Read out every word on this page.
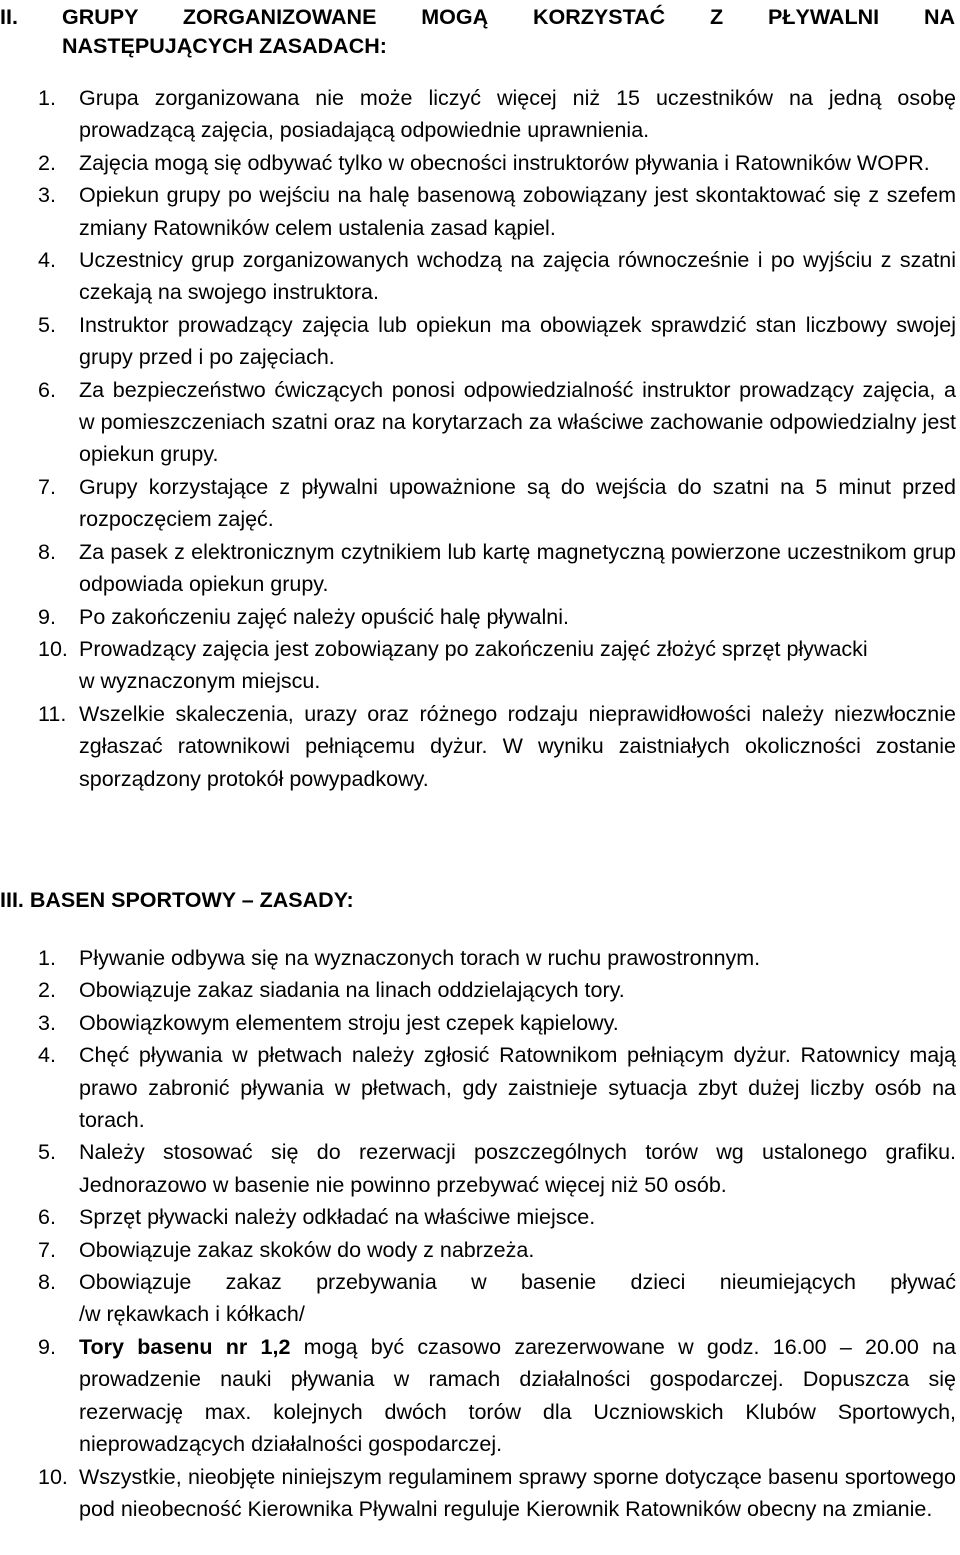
II. GRUPY ZORGANIZOWANE MOGĄ KORZYSTAĆ Z PŁYWALNI NA
NASTĘPUJĄCYCH ZASADACH:
1. Grupa zorganizowana nie może liczyć więcej niż 15 uczestników na jedną osobę prowadzącą zajęcia, posiadającą odpowiednie uprawnienia.
2. Zajęcia mogą się odbywać tylko w obecności instruktorów pływania i Ratowników WOPR.
3. Opiekun grupy po wejściu na halę basenową zobowiązany jest skontaktować się z szefem zmiany Ratowników celem ustalenia zasad kąpiel.
4. Uczestnicy grup zorganizowanych wchodzą na zajęcia równocześnie i po wyjściu z szatni czekają na swojego instruktora.
5. Instruktor prowadzący zajęcia lub opiekun ma obowiązek sprawdzić stan liczbowy swojej grupy przed i po zajęciach.
6. Za bezpieczeństwo ćwiczących ponosi odpowiedzialność instruktor prowadzący zajęcia, a w pomieszczeniach szatni oraz na korytarzach za właściwe zachowanie odpowiedzialny jest opiekun grupy.
7. Grupy korzystające z pływalni upoważnione są do wejścia do szatni na 5 minut przed rozpoczęciem zajęć.
8. Za pasek z elektronicznym czytnikiem lub kartę magnetyczną powierzone uczestnikom grup odpowiada opiekun grupy.
9. Po zakończeniu zajęć należy opuścić halę pływalni.
10. Prowadzący zajęcia jest zobowiązany po zakończeniu zajęć złożyć sprzęt pływacki
w wyznaczonym miejscu.
11. Wszelkie skaleczenia, urazy oraz różnego rodzaju nieprawidłowości należy niezwłocznie zgłaszać ratownikowi pełniącemu dyżur. W wyniku zaistniałych okoliczności zostanie sporządzony protokół powypadkowy.
III. BASEN SPORTOWY – ZASADY:
1. Pływanie odbywa się na wyznaczonych torach w ruchu prawostronnym.
2. Obowiązuje zakaz siadania na linach oddzielających tory.
3. Obowiązkowym elementem stroju jest czepek kąpielowy.
4. Chęć pływania w płetwach należy zgłosić Ratownikom pełniącym dyżur. Ratownicy mają prawo zabronić pływania w płetwach, gdy zaistnieje sytuacja zbyt dużej liczby osób na torach.
5. Należy stosować się do rezerwacji poszczególnych torów wg ustalonego grafiku. Jednorazowo w basenie nie powinno przebywać więcej niż 50 osób.
6. Sprzęt pływacki należy odkładać na właściwe miejsce.
7. Obowiązuje zakaz skoków do wody z nabrzeża.
8. Obowiązuje zakaz przebywania w basenie dzieci nieumiejących pływać
/w rękawkach i kółkach/
9. Tory basenu nr 1,2 mogą być czasowo zarezerwowane w godz. 16.00 – 20.00 na prowadzenie nauki pływania w ramach działalności gospodarczej. Dopuszcza się rezerwację max. kolejnych dwóch torów dla Uczniowskich Klubów Sportowych, nieprowadzących działalności gospodarczej.
10. Wszystkie, nieobjęte niniejszym regulaminem sprawy sporne dotyczące basenu sportowego pod nieobecność Kierownika Pływalni reguluje Kierownik Ratowników obecny na zmianie.
